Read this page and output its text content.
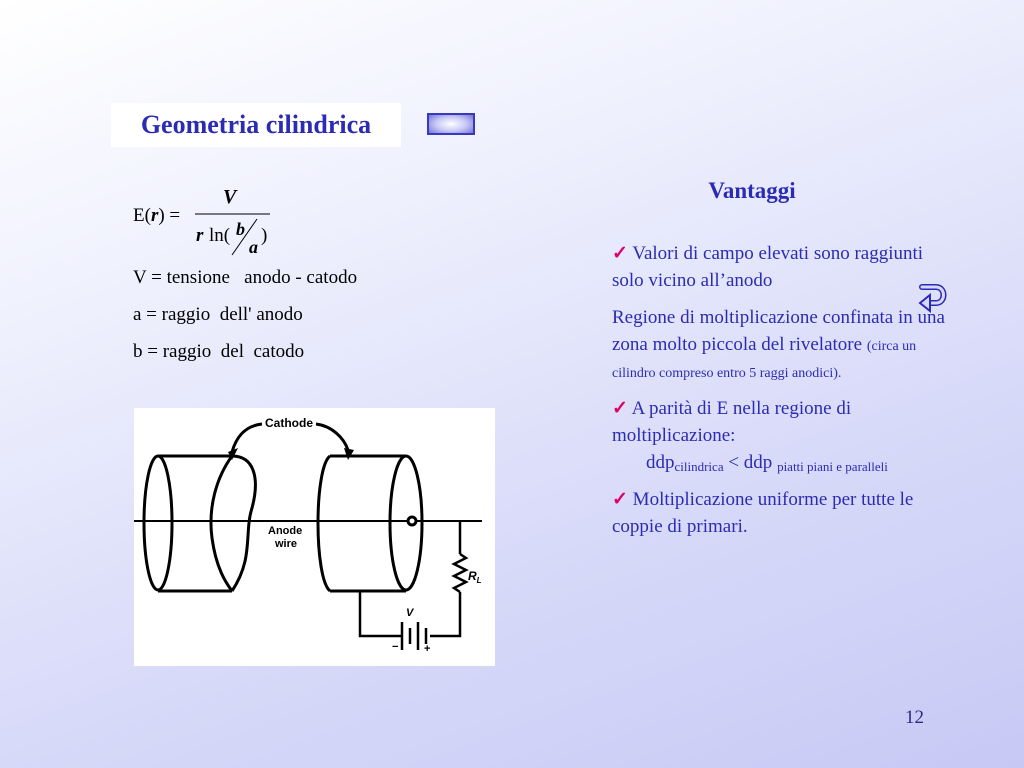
Geometria cilindrica
E(r) =
V
r ln( b
a
)
V = tensione   anodo - catodo
a = raggio  dell' anodo
b = raggio  del  catodo
Cathode
Anode
wire
$R_L$
V
− +
Vantaggi

✓ Valori di campo elevati sono raggiunti solo vicino all’anodo

Regione di moltiplicazione confinata in una zona molto piccola del rivelatore (circa un cilindro compreso entro 5 raggi anodici).

✓ A parità di E nella regione di moltiplicazione:
ddp$_{cilindrica}$ < ddp $_{piatti piani e paralleli}$

✓ Moltiplicazione uniforme per tutte le coppie di primari.

12
